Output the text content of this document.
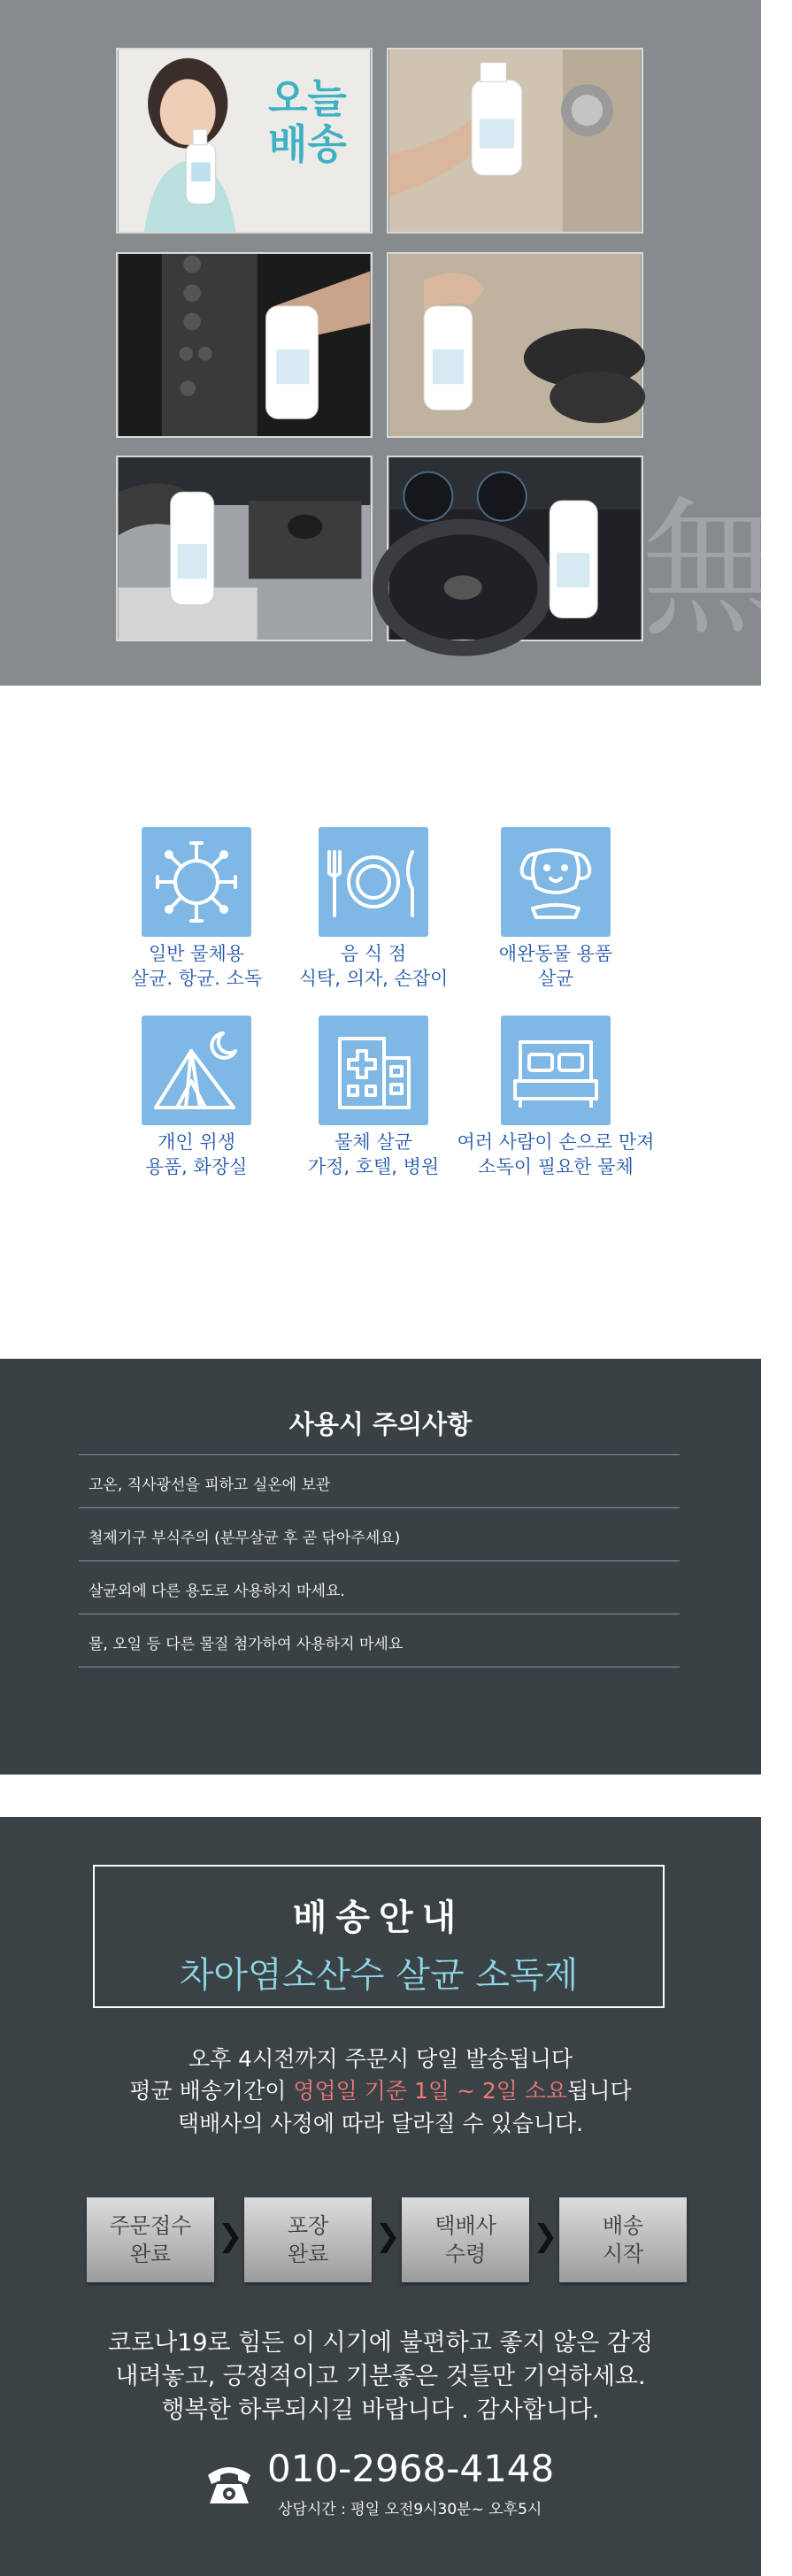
오늘
배송
無
일반 물체용
살균. 항균. 소독
음 식 점
식탁, 의자, 손잡이
애완동물 용품
살균
개인 위생
용품, 화장실
물체 살균
가정, 호텔, 병원
여러 사람이 손으로 만져
소독이 필요한 물체
사용시 주의사항
고온, 직사광선을 피하고 실온에 보관
철제기구 부식주의 (분무살균 후 곧 닦아주세요)
살균외에 다른 용도로 사용하지 마세요.
물, 오일 등 다른 물질 첨가하여 사용하지 마세요
배송안내
차아염소산수 살균 소독제
오후 4시전까지 주문시 당일 발송됩니다
평균 배송기간이 영업일 기준 1일 ~ 2일 소요됩니다
택배사의 사정에 따라 달라질 수 있습니다.
주문접수
완료	❯ 포장
완료 ❯ 택배사
수령	❯ 배송
시작
코로나19로 힘든 이 시기에 불편하고 좋지 않은 감정
내려놓고, 긍정적이고 기분좋은 것들만 기억하세요.
행복한 하루되시길 바랍니다 . 감사합니다.
010-2968-4148
상담시간 : 평일 오전9시30분~ 오후5시
